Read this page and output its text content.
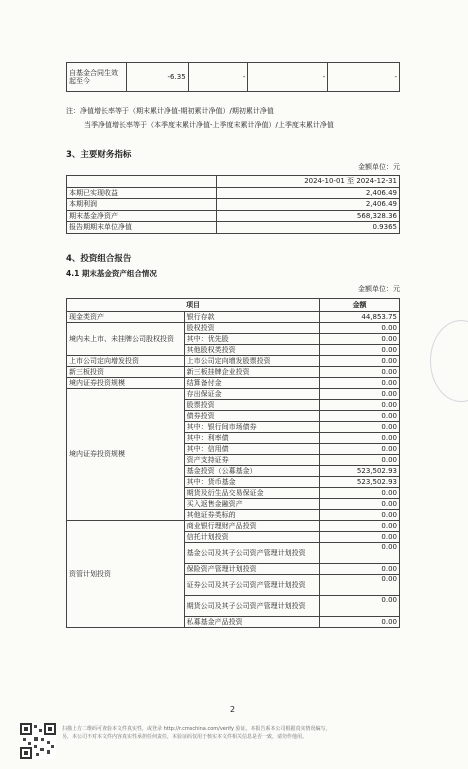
自基金合同生效起至今	-6.35	-	-	-
注：净值增长率等于（期末累计净值-期初累计净值）/期初累计净值
当季净值增长率等于（本季度末累计净值-上季度末累计净值）/上季度末累计净值
3、主要财务指标
金额单位：元
	2024-10-01 至 2024-12-31
本期已实现收益	2,406.49
本期利润	2,406.49
期末基金净资产	568,328.36
报告期期末单位净值	0.9365
4、投资组合报告
4.1 期末基金资产组合情况
金额单位：元
项目		金额
现金类资产	银行存款	44,853.75
境内未上市、未挂牌公司股权投资	股权投资	0.00
	其中：优先股	0.00
	其他股权类投资	0.00
上市公司定向增发投资	上市公司定向增发股票投资	0.00
新三板投资	新三板挂牌企业投资	0.00
境内证券投资规模	结算备付金	0.00
境内证券投资规模	存出保证金	0.00
	股票投资	0.00
	债券投资	0.00
	其中：银行间市场债券	0.00
	其中：利率债	0.00
	其中：信用债	0.00
	资产支持证券	0.00
	基金投资（公募基金）	523,502.93
	其中：货币基金	523,502.93
	期货及衍生品交易保证金	0.00
	买入返售金融资产	0.00
	其他证券类标的	0.00
资管计划投资	商业银行理财产品投资	0.00
	信托计划投资	0.00
	基金公司及其子公司资产管理计划投资	0.00
	保险资产管理计划投资	0.00
	证券公司及其子公司资产管理计划投资	0.00
	期货公司及其子公司资产管理计划投资	0.00
	私募基金产品投资	0.00
2
扫描上方二维码可查验本文件真实性，或登录 http://r.cmschina.com/verify 验证。本报告系本公司根据真实情况编写，
另，本公司不对本文件内容真实性承担任何责任，本验证码仅用于核实本文件相关信息是否一致，请勿作他用。
